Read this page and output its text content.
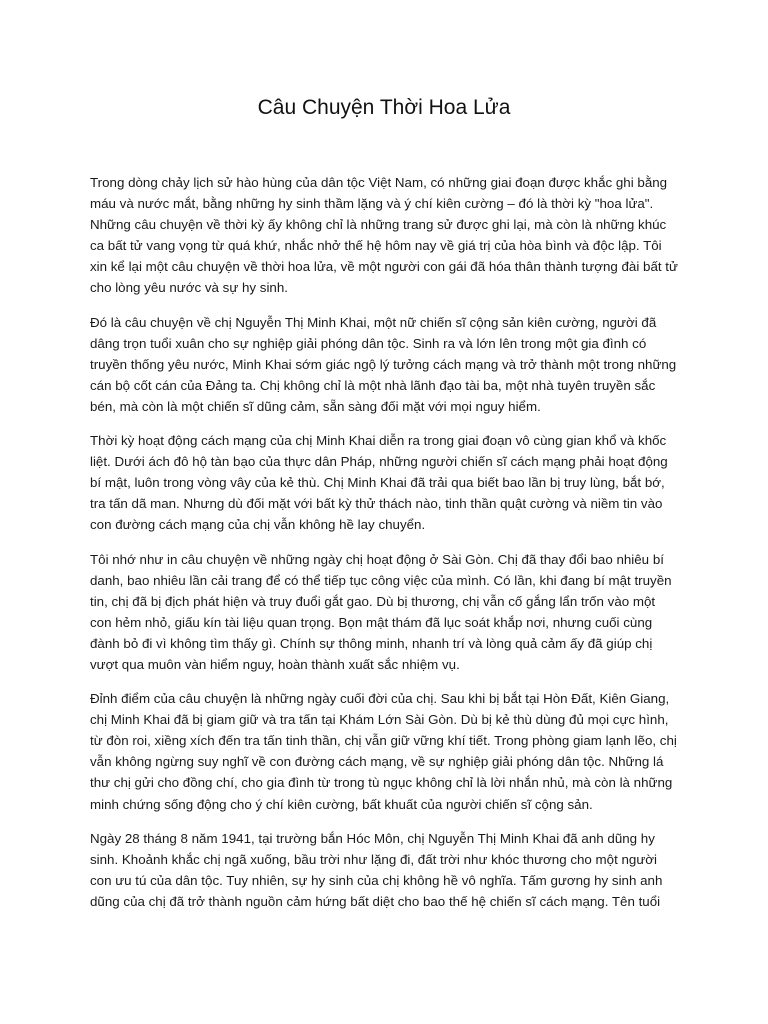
Câu Chuyện Thời Hoa Lửa

Trong dòng chảy lịch sử hào hùng của dân tộc Việt Nam, có những giai đoạn được khắc ghi bằng máu và nước mắt, bằng những hy sinh thầm lặng và ý chí kiên cường – đó là thời kỳ "hoa lửa". Những câu chuyện về thời kỳ ấy không chỉ là những trang sử được ghi lại, mà còn là những khúc ca bất tử vang vọng từ quá khứ, nhắc nhở thế hệ hôm nay về giá trị của hòa bình và độc lập. Tôi xin kể lại một câu chuyện về thời hoa lửa, về một người con gái đã hóa thân thành tượng đài bất tử cho lòng yêu nước và sự hy sinh.

Đó là câu chuyện về chị Nguyễn Thị Minh Khai, một nữ chiến sĩ cộng sản kiên cường, người đã dâng trọn tuổi xuân cho sự nghiệp giải phóng dân tộc. Sinh ra và lớn lên trong một gia đình có truyền thống yêu nước, Minh Khai sớm giác ngộ lý tưởng cách mạng và trở thành một trong những cán bộ cốt cán của Đảng ta. Chị không chỉ là một nhà lãnh đạo tài ba, một nhà tuyên truyền sắc bén, mà còn là một chiến sĩ dũng cảm, sẵn sàng đối mặt với mọi nguy hiểm.

Thời kỳ hoạt động cách mạng của chị Minh Khai diễn ra trong giai đoạn vô cùng gian khổ và khốc liệt. Dưới ách đô hộ tàn bạo của thực dân Pháp, những người chiến sĩ cách mạng phải hoạt động bí mật, luôn trong vòng vây của kẻ thù. Chị Minh Khai đã trải qua biết bao lần bị truy lùng, bắt bớ, tra tấn dã man. Nhưng dù đối mặt với bất kỳ thử thách nào, tinh thần quật cường và niềm tin vào con đường cách mạng của chị vẫn không hề lay chuyển.

Tôi nhớ như in câu chuyện về những ngày chị hoạt động ở Sài Gòn. Chị đã thay đổi bao nhiêu bí danh, bao nhiêu lần cải trang để có thể tiếp tục công việc của mình. Có lần, khi đang bí mật truyền tin, chị đã bị địch phát hiện và truy đuổi gắt gao. Dù bị thương, chị vẫn cố gắng lẩn trốn vào một con hẻm nhỏ, giấu kín tài liệu quan trọng. Bọn mật thám đã lục soát khắp nơi, nhưng cuối cùng đành bỏ đi vì không tìm thấy gì. Chính sự thông minh, nhanh trí và lòng quả cảm ấy đã giúp chị vượt qua muôn vàn hiểm nguy, hoàn thành xuất sắc nhiệm vụ.

Đỉnh điểm của câu chuyện là những ngày cuối đời của chị. Sau khi bị bắt tại Hòn Đất, Kiên Giang, chị Minh Khai đã bị giam giữ và tra tấn tại Khám Lớn Sài Gòn. Dù bị kẻ thù dùng đủ mọi cực hình, từ đòn roi, xiềng xích đến tra tấn tinh thần, chị vẫn giữ vững khí tiết. Trong phòng giam lạnh lẽo, chị vẫn không ngừng suy nghĩ về con đường cách mạng, về sự nghiệp giải phóng dân tộc. Những lá thư chị gửi cho đồng chí, cho gia đình từ trong tù ngục không chỉ là lời nhắn nhủ, mà còn là những minh chứng sống động cho ý chí kiên cường, bất khuất của người chiến sĩ cộng sản.

Ngày 28 tháng 8 năm 1941, tại trường bắn Hóc Môn, chị Nguyễn Thị Minh Khai đã anh dũng hy sinh. Khoảnh khắc chị ngã xuống, bầu trời như lặng đi, đất trời như khóc thương cho một người con ưu tú của dân tộc. Tuy nhiên, sự hy sinh của chị không hề vô nghĩa. Tấm gương hy sinh anh dũng của chị đã trở thành nguồn cảm hứng bất diệt cho bao thế hệ chiến sĩ cách mạng. Tên tuổi
